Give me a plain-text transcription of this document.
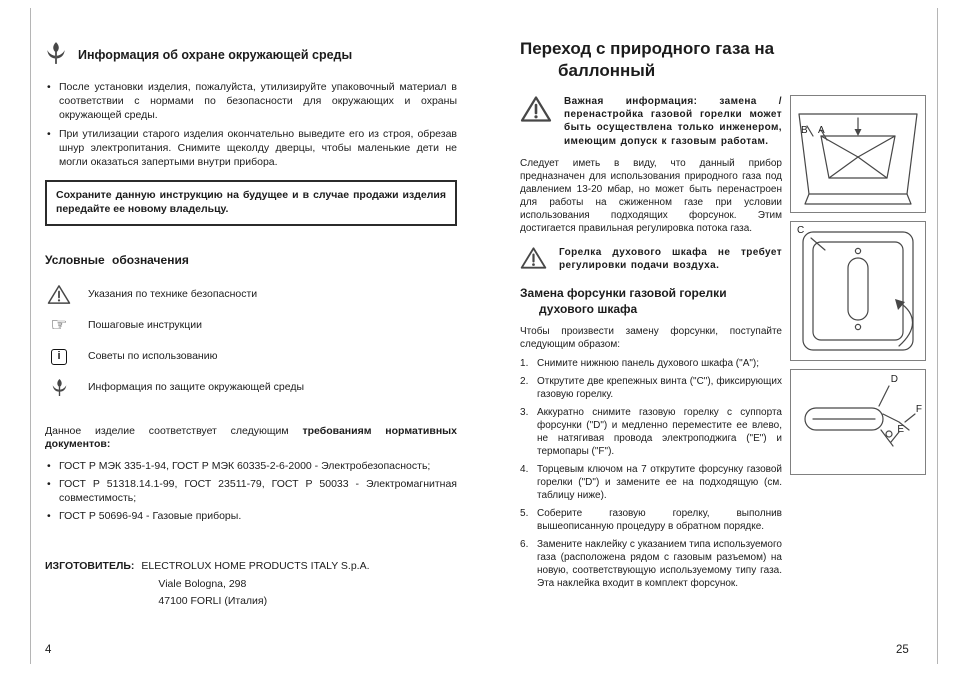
Информация об охране окружающей среды
• После установки изделия, пожалуйста, утилизируйте упаковочный материал в соответствии с нормами по безопасности для окружающих и охраны окружающей среды.
• При утилизации старого изделия окончательно выведите его из строя, обрезав шнур электропитания. Снимите щеколду дверцы, чтобы маленькие дети не могли оказаться запертыми внутри прибора.
Сохраните данную инструкцию на будущее и в случае продажи изделия передайте ее новому владельцу.
Условные обозначения
Указания по технике безопасности
☞ Пошаговые инструкции
i	Советы по использованию
Информация по защите окружающей среды
Данное изделие соответствует следующим требованиям нормативных документов:
• ГОСТ Р МЭК 335-1-94, ГОСТ Р МЭК 60335-2-6-2000 - Электробезопасность;
• ГОСТ Р 51318.14.1-99, ГОСТ 23511-79, ГОСТ Р 50033 - Электромагнитная совместимость;
• ГОСТ Р 50696-94 - Газовые приборы.
ИЗГОТОВИТЕЛЬ: ELECTROLUX HOME PRODUCTS ITALY S.p.A.
Viale Bologna, 298
47100 FORLI (Италия)
4
Переход с природного газа на баллонный
Важная информация: замена / перенастройка газовой горелки может быть осуществлена только инженером, имеющим допуск к газовым работам.
Следует иметь в виду, что данный прибор предназначен для использования природного газа под давлением 13-20 мбар, но может быть перенастроен для работы на сжиженном газе при условии использования подходящих форсунок. Этим достигается правильная регулировка потока газа.
Горелка духового шкафа не требует регулировки подачи воздуха.
Замена форсунки газовой горелки духового шкафа
Чтобы произвести замену форсунки, поступайте следующим образом:
Снимите нижнюю панель духового шкафа ("A");
Открутите две крепежных винта ("C"), фиксирующих газовую горелку.
Аккуратно снимите газовую горелку с суппорта форсунки ("D") и медленно переместите ее влево, не натягивая провода электроподжига ("E") и термопары ("F").
Торцевым ключом на 7 открутите форсунку газовой горелки ("D") и замените ее на подходящую (см. таблицу ниже).
Соберите газовую горелку, выполнив вышеописанную процедуру в обратном порядке.
Замените наклейку с указанием типа используемого газа (расположена рядом с газовым разъемом) на новую, соответствующую используемому типу газа. Эта наклейка входит в комплект форсунок.
B A
C
D
F
E
25
